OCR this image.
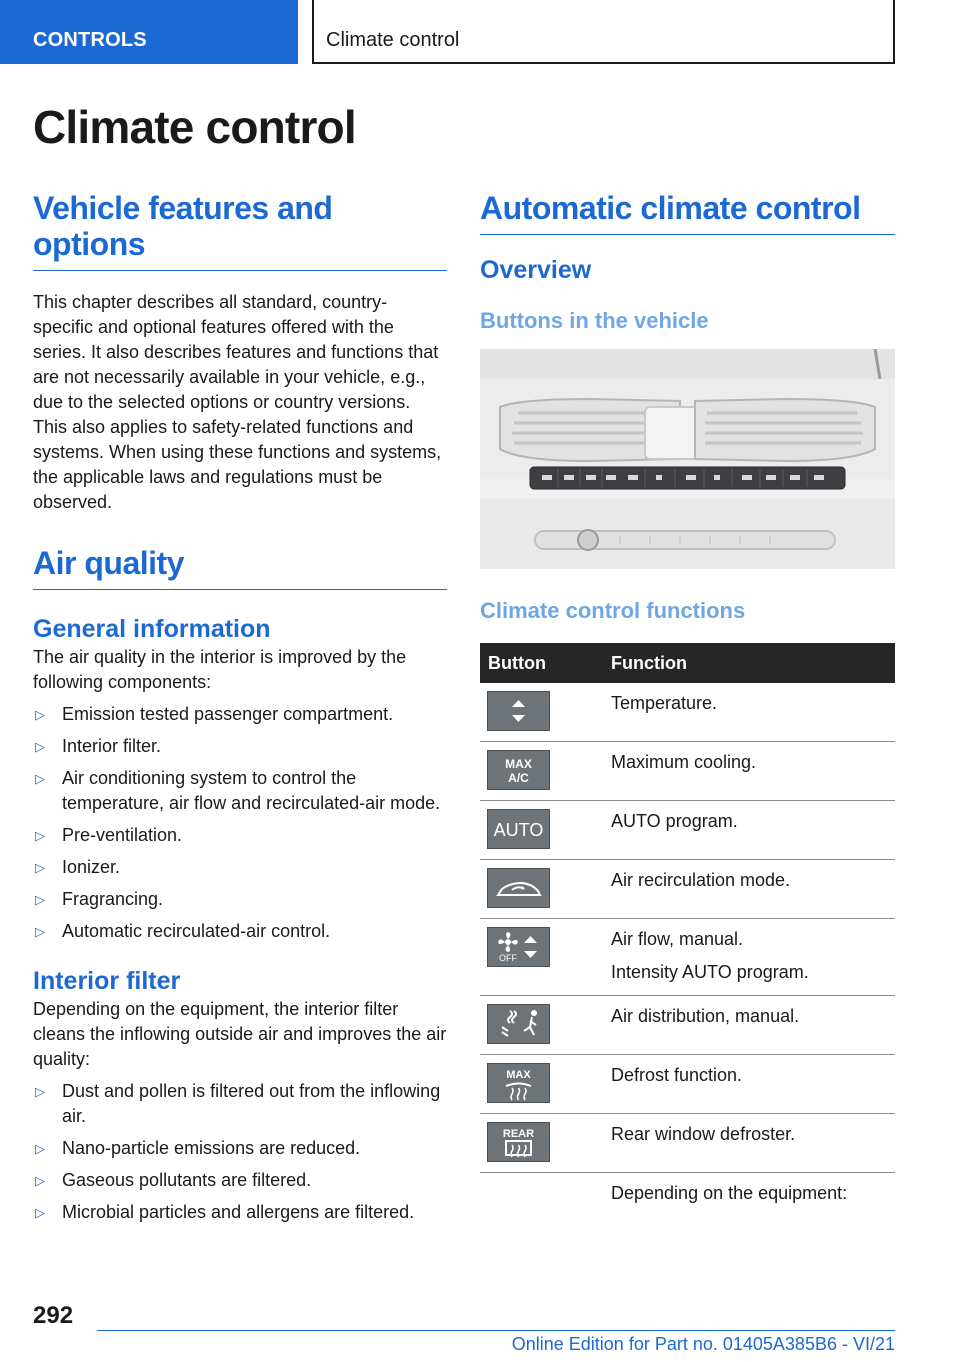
CONTROLS	Climate control
Climate control
Vehicle features and options

This chapter describes all standard, country-specific and optional features offered with the series. It also describes features and functions that are not necessarily available in your vehicle, e.g., due to the selected options or country versions. This also applies to safety-related functions and systems. When using these functions and systems, the applicable laws and regulations must be observed.

Air quality
General information

The air quality in the interior is improved by the following components:

▷ Emission tested passenger compartment.
▷ Interior filter.
▷ Air conditioning system to control the temperature, air flow and recirculated-air mode.
▷ Pre-ventilation.
▷ Ionizer.
▷ Fragrancing.
▷ Automatic recirculated-air control.
Interior filter

Depending on the equipment, the interior filter cleans the inflowing outside air and improves the air quality:

▷ Dust and pollen is filtered out from the inflowing air.
▷ Nano-particle emissions are reduced.
▷ Gaseous pollutants are filtered.
▷ Microbial particles and allergens are filtered.
Automatic climate control
Overview
Buttons in the vehicle
Climate control functions
Button	Function

	Temperature.

MAX
A/C	Maximum cooling.

AUTO	AUTO program.

	Air recirculation mode.

OFF	Air flow, manual.
Intensity AUTO program.

	Air distribution, manual.

MAX	Defrost function.

REAR	Rear window defroster.
	Depending on the equipment:
292
Online Edition for Part no. 01405A385B6 - VI/21
